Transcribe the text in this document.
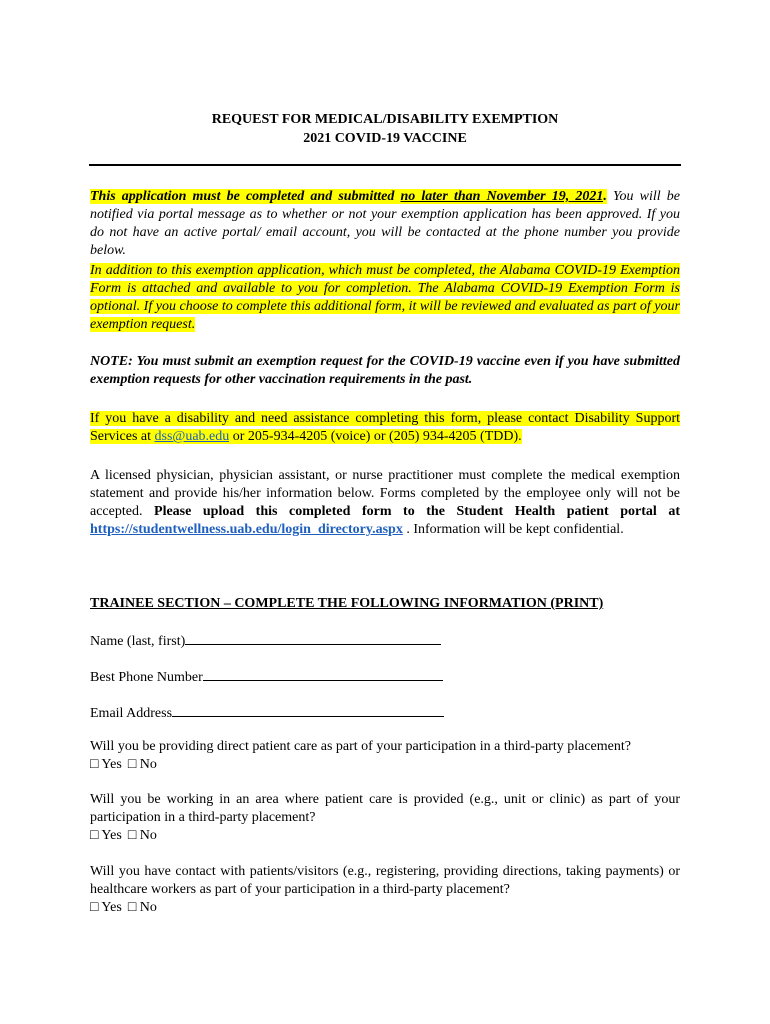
REQUEST FOR MEDICAL/DISABILITY EXEMPTION
2021 COVID-19 VACCINE
This application must be completed and submitted no later than November 19, 2021. You will be notified via portal message as to whether or not your exemption application has been approved. If you do not have an active portal/ email account, you will be contacted at the phone number you provide below.
In addition to this exemption application, which must be completed, the Alabama COVID-19 Exemption Form is attached and available to you for completion. The Alabama COVID-19 Exemption Form is optional. If you choose to complete this additional form, it will be reviewed and evaluated as part of your exemption request.
NOTE: You must submit an exemption request for the COVID-19 vaccine even if you have submitted exemption requests for other vaccination requirements in the past.
If you have a disability and need assistance completing this form, please contact Disability Support Services at dss@uab.edu or 205-934-4205 (voice) or (205) 934-4205 (TDD).
A licensed physician, physician assistant, or nurse practitioner must complete the medical exemption statement and provide his/her information below. Forms completed by the employee only will not be accepted. Please upload this completed form to the Student Health patient portal at https://studentwellness.uab.edu/login_directory.aspx . Information will be kept confidential.
TRAINEE SECTION – COMPLETE THE FOLLOWING INFORMATION (PRINT)
Name (last, first)
Best Phone Number
Email Address
Will you be providing direct patient care as part of your participation in a third-party placement?
□ Yes □ No
Will you be working in an area where patient care is provided (e.g., unit or clinic) as part of your participation in a third-party placement?
□ Yes □ No
Will you have contact with patients/visitors (e.g., registering, providing directions, taking payments) or healthcare workers as part of your participation in a third-party placement?
□ Yes □ No
